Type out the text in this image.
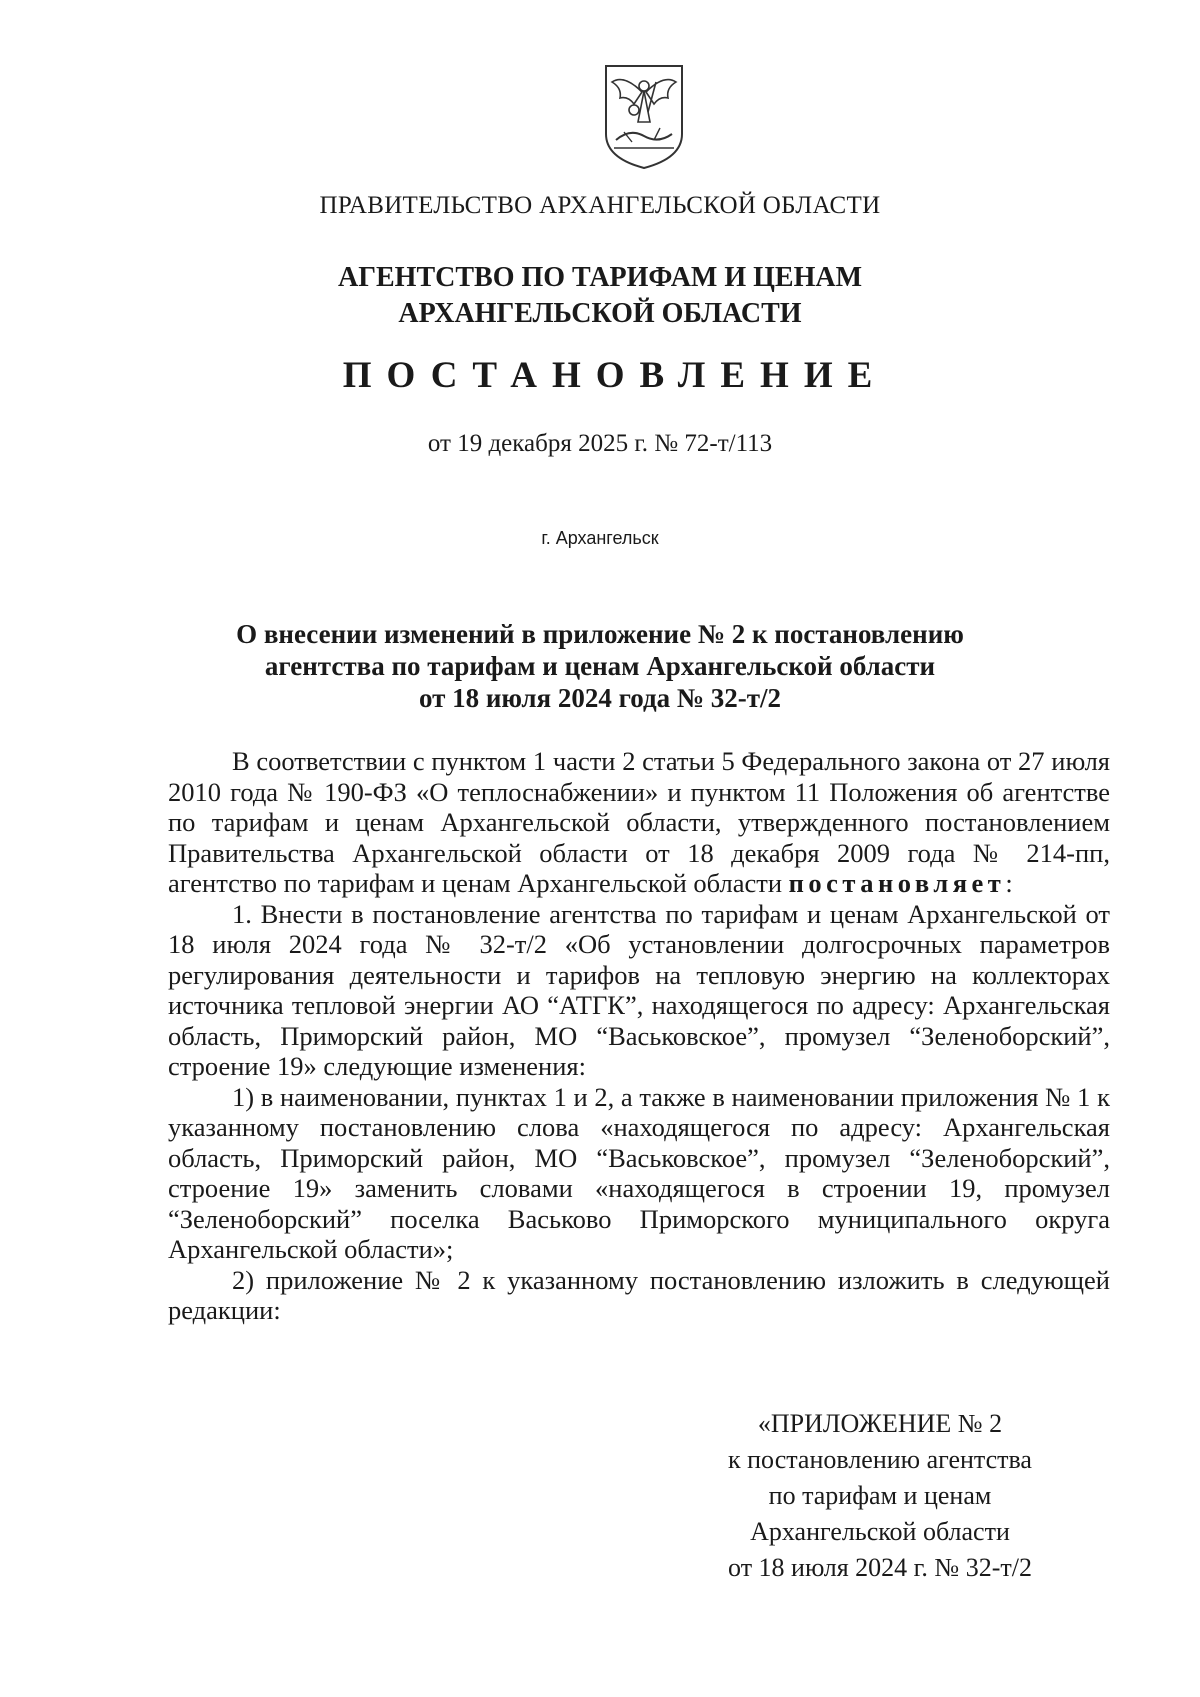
ПРАВИТЕЛЬСТВО АРХАНГЕЛЬСКОЙ ОБЛАСТИ
АГЕНТСТВО ПО ТАРИФАМ И ЦЕНАМ
АРХАНГЕЛЬСКОЙ ОБЛАСТИ
ПОСТАНОВЛЕНИЕ
от 19 декабря 2025 г. № 72-т/113
г. Архангельск
О внесении изменений в приложение № 2 к постановлению
агентства по тарифам и ценам Архангельской области
от 18 июля 2024 года № 32-т/2

В соответствии с пунктом 1 части 2 статьи 5 Федерального закона от 27 июля 2010 года № 190-ФЗ «О теплоснабжении» и пунктом 11 Положения об агентстве по тарифам и ценам Архангельской области, утвержденного постановлением Правительства Архангельской области от 18 декабря 2009 года № 214-пп, агентство по тарифам и ценам Архангельской области постановляет:

1. Внести в постановление агентства по тарифам и ценам Архангельской от 18 июля 2024 года № 32-т/2 «Об установлении долгосрочных параметров регулирования деятельности и тарифов на тепловую энергию на коллекторах источника тепловой энергии АО “АТГК”, находящегося по адресу: Архангельская область, Приморский район, МО “Васьковское”, промузел “Зеленоборский”, строение 19» следующие изменения:

1) в наименовании, пунктах 1 и 2, а также в наименовании приложения № 1 к указанному постановлению слова «находящегося по адресу: Архангельская область, Приморский район, МО “Васьковское”, промузел “Зеленоборский”, строение 19» заменить словами «находящегося в строении 19, промузел “Зеленоборский” поселка Васьково Приморского муниципального округа Архангельской области»;

2) приложение № 2 к указанному постановлению изложить в следующей редакции:

«ПРИЛОЖЕНИЕ № 2
к постановлению агентства
по тарифам и ценам
Архангельской области
от 18 июля 2024 г. № 32-т/2
